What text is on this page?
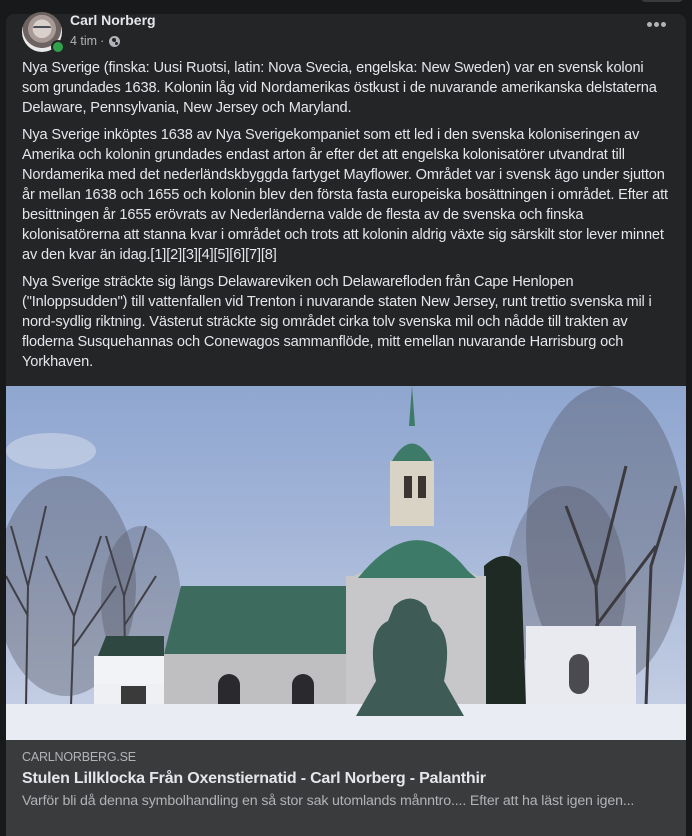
Carl Norberg
4 tim ·

Nya Sverige (finska: Uusi Ruotsi, latin: Nova Svecia, engelska: New Sweden) var en svensk koloni som grundades 1638. Kolonin låg vid Nordamerikas östkust i de nuvarande amerikanska delstaterna Delaware, Pennsylvania, New Jersey och Maryland.

Nya Sverige inköptes 1638 av Nya Sverigekompaniet som ett led i den svenska koloniseringen av Amerika och kolonin grundades endast arton år efter det att engelska kolonisatörer utvandrat till Nordamerika med det nederländskbyggda fartyget Mayflower. Området var i svensk ägo under sjutton år mellan 1638 och 1655 och kolonin blev den första fasta europeiska bosättningen i området. Efter att besittningen år 1655 erövrats av Nederländerna valde de flesta av de svenska och finska kolonisatörerna att stanna kvar i området och trots att kolonin aldrig växte sig särskilt stor lever minnet av den kvar än idag.[1][2][3][4][5][6][7][8]

Nya Sverige sträckte sig längs Delawareviken och Delawarefloden från Cape Henlopen ("Inloppsudden") till vattenfallen vid Trenton i nuvarande staten New Jersey, runt trettio svenska mil i nord-sydlig riktning. Västerut sträckte sig området cirka tolv svenska mil och nådde till trakten av floderna Susquehannas och Conewagos sammanflöde, mitt emellan nuvarande Harrisburg och Yorkhaven.

CARLNORBERG.SE
Stulen Lillklocka Från Oxenstiernatid - Carl Norberg - Palanthir
Varför bli då denna symbolhandling en så stor sak utomlands månntro.... Efter att ha läst igen igen...
